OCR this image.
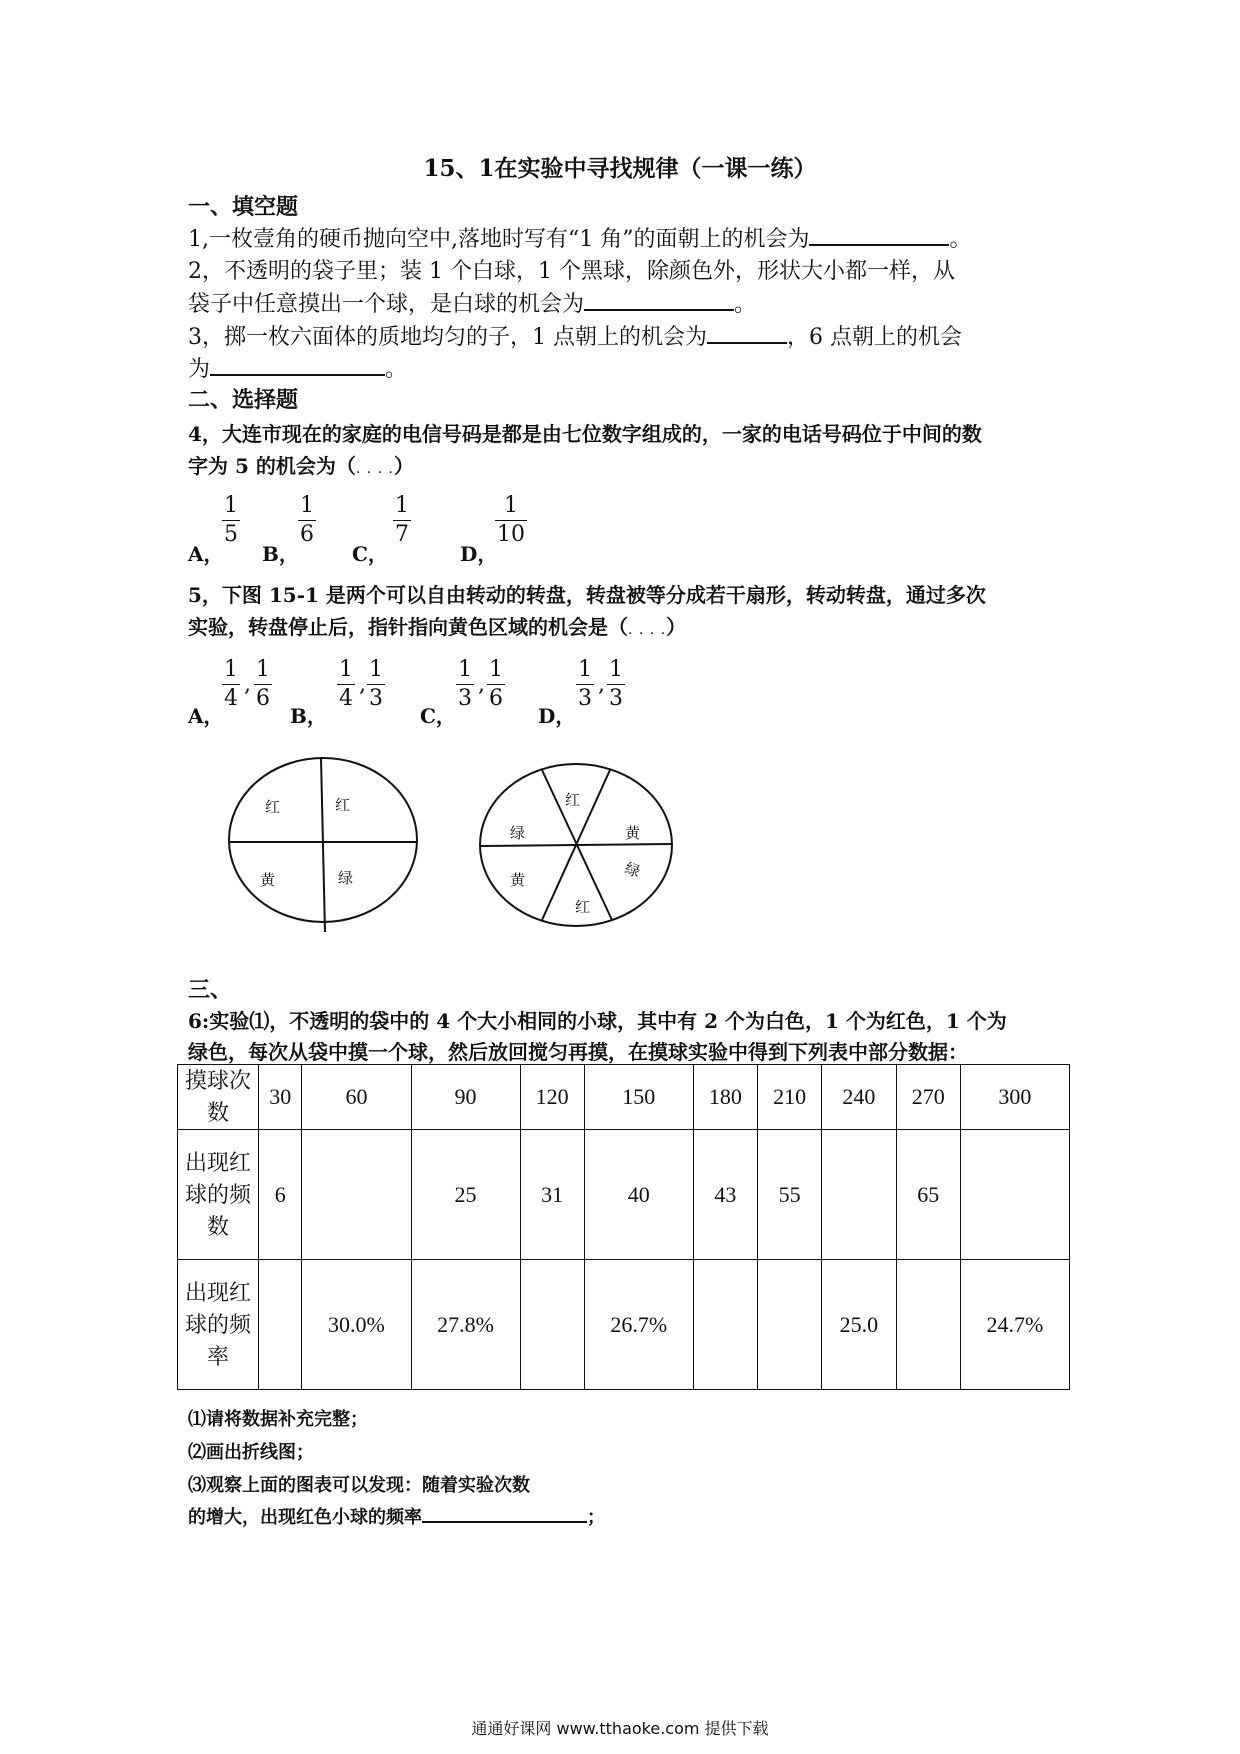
15、1在实验中寻找规律（一课一练）
一、填空题
1,一枚壹角的硬币抛向空中,落地时写有“1 角”的面朝上的机会为	。
2，不透明的袋子里；装 1 个白球，1 个黑球，除颜色外，形状大小都一样，从
袋子中任意摸出一个球，是白球的机会为	。
3，掷一枚六面体的质地均匀的子，1 点朝上的机会为	，6 点朝上的机会
为	。
二、选择题
4，大连市现在的家庭的电信号码是都是由七位数字组成的，一家的电话号码位于中间的数
字为 5 的机会为（. . . .）
A，
1
5
B，
1
6
C，
1
7
D，
1
10
5，下图 15-1 是两个可以自由转动的转盘，转盘被等分成若干扇形，转动转盘，通过多次
实验，转盘停止后，指针指向黄色区域的机会是（. . . .）
A，
1
4
,
1
6
B，
1
4
,
1
3
C，
1
3
,
1
6
D，
1
3
,
1
3
红	红
黄	绿
红
绿	黄
黄	绿
红
三、
6:实验⑴，不透明的袋中的 4 个大小相同的小球，其中有 2 个为白色，1 个为红色，1 个为
绿色，每次从袋中摸一个球，然后放回搅匀再摸，在摸球实验中得到下列表中部分数据：
摸球次数	30	60	90	120	150	180	210	240	270	300
出现红球的频数	6		25	31	40	43	55		65	
出现红球的频率		30.0%	27.8%		26.7%			25.0		24.7%
⑴请将数据补充完整；
⑵画出折线图；
⑶观察上面的图表可以发现：随着实验次数
的增大，出现红色小球的频率	；
通通好课网 www.tthaoke.com 提供下载
